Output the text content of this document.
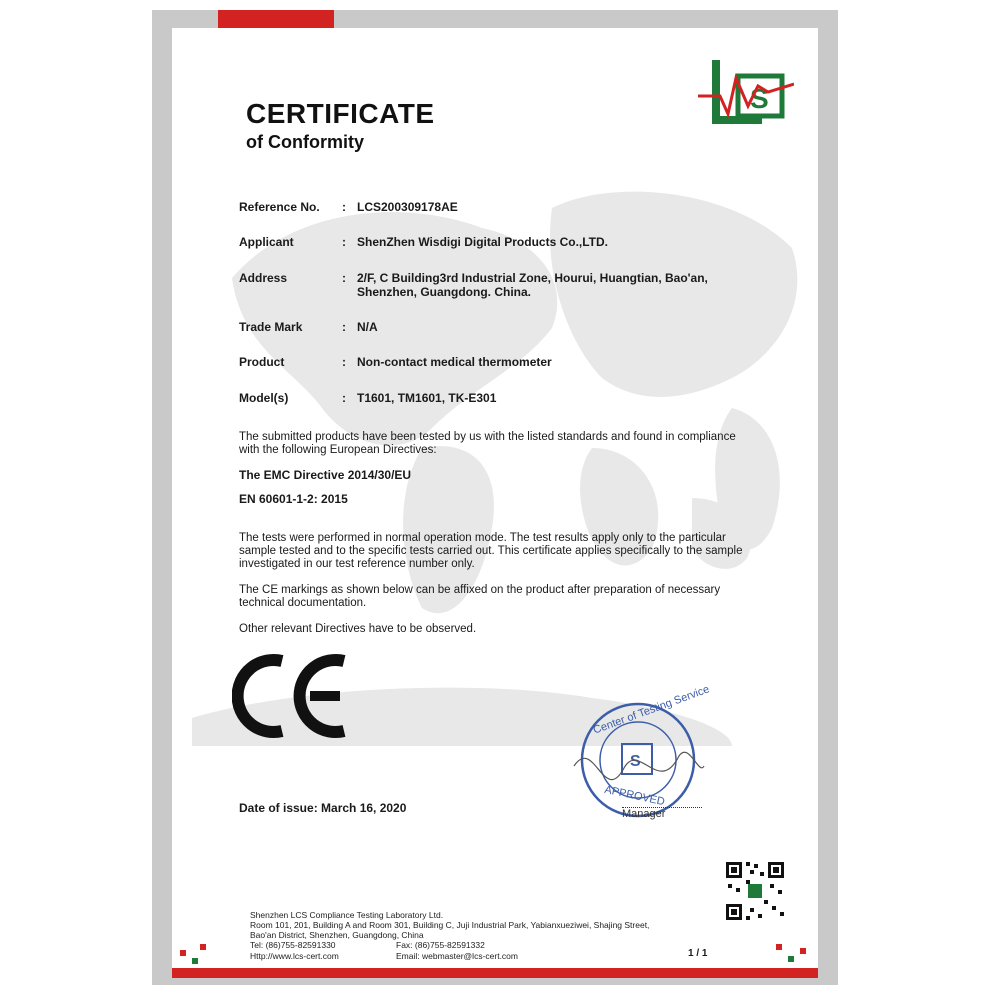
CERTIFICATE
of Conformity
S
Reference No.	: LCS200309178AE
Applicant	: ShenZhen Wisdigi Digital Products Co.,LTD.
Address	: 2/F, C Building3rd Industrial Zone, Hourui, Huangtian, Bao'an, Shenzhen, Guangdong. China.
Trade Mark	: N/A
Product	: Non-contact medical thermometer
Model(s)	: T1601, TM1601, TK-E301
The submitted products have been tested by us with the listed standards and found in compliance with the following European Directives:
The EMC Directive 2014/30/EU
EN 60601-1-2: 2015
The tests were performed in normal operation mode. The test results apply only to the particular sample tested and to the specific tests carried out. This certificate applies specifically to the sample investigated in our test reference number only.
The CE markings as shown below can be affixed on the product after preparation of necessary technical documentation.
Other relevant Directives have to be observed.
S
Center of Testing Service
APPROVED
Manager
Date of issue: March 16, 2020
Shenzhen LCS Compliance Testing Laboratory Ltd.
Room 101, 201, Building A and Room 301, Building C, Juji Industrial Park, Yabianxueziwei, Shajing Street,
Bao'an District, Shenzhen, Guangdong, China
Tel: (86)755-82591330	Fax: (86)755-82591332
Http://www.lcs-cert.com	Email: webmaster@lcs-cert.com	1 / 1
